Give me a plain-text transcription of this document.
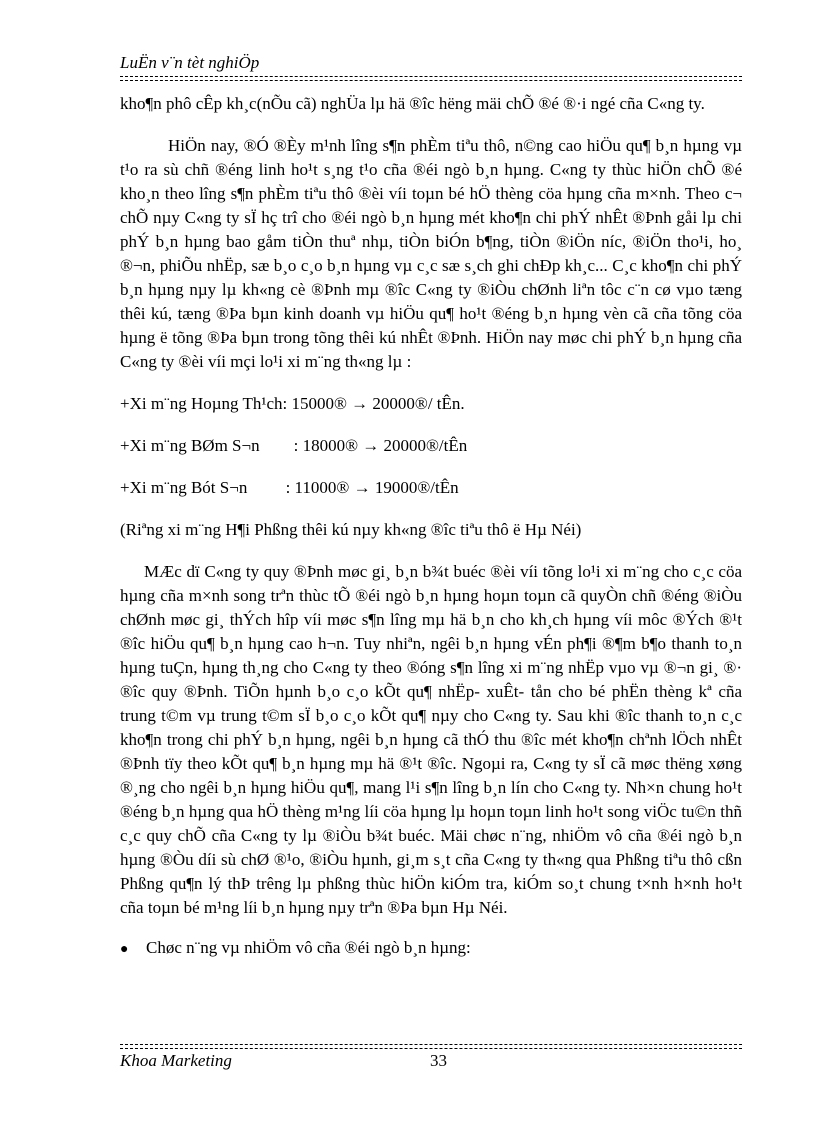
LuËn v¨n tèt nghiÖp

kho¶n phô cÊp kh¸c(nÕu cã) nghÜa lµ hä ®îc hëng mäi chÕ ®é ®·i ngé cña C«ng ty.

HiÖn nay, ®Ó ®Èy m¹nh lîng s¶n phÈm tiªu thô, n©ng cao hiÖu qu¶ b¸n hµng vµ t¹o ra sù chñ ®éng linh ho¹t s¸ng t¹o cña ®éi ngò b¸n hµng. C«ng ty thùc hiÖn chÕ ®é kho¸n theo lîng s¶n phÈm tiªu thô ®èi víi toµn bé hÖ thèng cöa hµng cña m×nh. Theo c¬ chÕ nµy C«ng ty sÏ hç trî cho ®éi ngò b¸n hµng mét kho¶n chi phÝ nhÊt ®Þnh gåi lµ chi phÝ b¸n hµng bao gåm tiÒn thuª nhµ, tiÒn biÓn b¶ng, tiÒn ®iÖn níc, ®iÖn tho¹i, ho¸ ®¬n, phiÕu nhËp, sæ b¸o c¸o b¸n hµng vµ c¸c sæ s¸ch ghi chÐp kh¸c... C¸c kho¶n chi phÝ b¸n hµng nµy lµ kh«ng cè ®Þnh mµ ®îc C«ng ty ®iÒu chØnh liªn tôc c¨n cø vµo tæng thêi kú, tæng ®Þa bµn kinh doanh vµ hiÖu qu¶ ho¹t ®éng b¸n hµng vèn cã cña tõng cöa hµng ë tõng ®Þa bµn trong tõng thêi kú nhÊt ®Þnh. HiÖn nay møc chi phÝ b¸n hµng cña C«ng ty ®èi víi mçi lo¹i xi m¨ng th«ng lµ :

+Xi m¨ng Hoµng Th¹ch: 15000® → 20000®/ tÊn.

+Xi m¨ng BØm S¬n        : 18000® → 20000®/tÊn

+Xi m¨ng Bót S¬n         : 11000® → 19000®/tÊn

(Riªng xi m¨ng H¶i Phßng thêi kú nµy kh«ng ®îc tiªu thô ë Hµ Néi)

MÆc dï C«ng ty quy ®Þnh møc gi¸ b¸n b¾t buéc ®èi víi tõng lo¹i xi m¨ng cho c¸c cöa hµng cña m×nh song trªn thùc tÕ ®éi ngò b¸n hµng hoµn toµn cã quyÒn chñ ®éng ®iÒu chØnh møc gi¸ thÝch hîp víi møc s¶n lîng mµ hä b¸n cho kh¸ch hµng víi môc ®Ých ®¹t ®îc hiÖu qu¶ b¸n hµng cao h¬n. Tuy nhiªn, ngêi b¸n hµng vÉn ph¶i ®¶m b¶o thanh to¸n hµng tuÇn, hµng th¸ng cho C«ng ty theo ®óng s¶n lîng xi m¨ng nhËp vµo vµ ®¬n gi¸ ®· ®îc quy ®Þnh. TiÕn hµnh b¸o c¸o kÕt qu¶ nhËp- xuÊt- tån cho bé phËn thèng kª cña trung t©m vµ trung t©m sÏ b¸o c¸o kÕt qu¶ nµy cho C«ng ty. Sau khi ®îc thanh to¸n c¸c kho¶n trong chi phÝ b¸n hµng, ngêi b¸n hµng cã thÓ thu ®îc mét kho¶n chªnh lÖch nhÊt ®Þnh tïy theo kÕt qu¶ b¸n hµng mµ hä ®¹t ®îc. Ngoµi ra, C«ng ty sÏ cã møc thëng xøng ®¸ng cho ngêi b¸n hµng hiÖu qu¶, mang l¹i s¶n lîng b¸n lín cho C«ng ty. Nh×n chung ho¹t ®éng b¸n hµng qua hÖ thèng m¹ng líi cöa hµng lµ hoµn toµn linh ho¹t song viÖc tu©n thñ c¸c quy chÕ cña C«ng ty lµ ®iÒu b¾t buéc. Mäi chøc n¨ng, nhiÖm vô cña ®éi ngò b¸n hµng ®Òu díi sù chØ ®¹o, ®iÒu hµnh, gi¸m s¸t cña C«ng ty th«ng qua Phßng tiªu thô cßn Phßng qu¶n lý thÞ trêng lµ phßng thùc hiÖn kiÓm tra, kiÓm so¸t chung t×nh h×nh ho¹t cña toµn bé m¹ng líi b¸n hµng nµy trªn ®Þa bµn Hµ Néi.

●	Chøc n¨ng vµ nhiÖm vô cña ®éi ngò b¸n hµng:

Khoa Marketing	33
